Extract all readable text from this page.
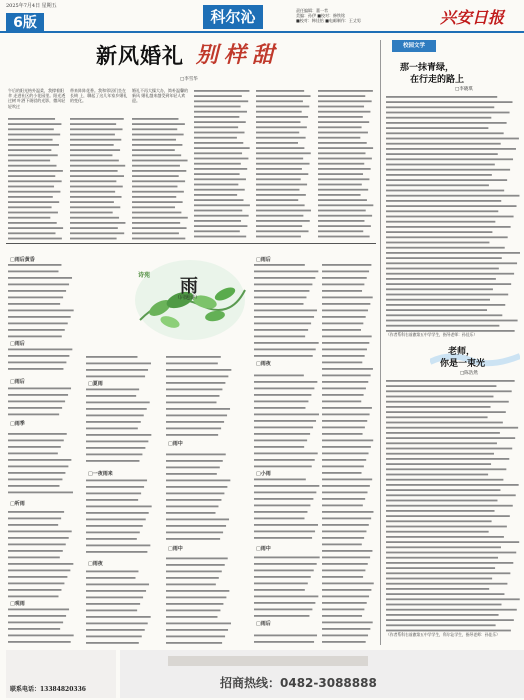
2025年7月4日 星期五
6版	科尔沁	责任编辑：董一苇
美编：孙伊 ■校对：修铁铭
■校对：韩佳怡 ■电邮制作：王丈男	兴安日报
新风婚礼 别样甜
□李雪华
午后的阳光格外温柔，我撑着阳伞 走进社区的小花园里。阳光透过树 叶洒下斑驳的光影，微风轻轻吹过
带来阵阵花香。我和邻居们坐在长椅 上，聊起了这几年家乡婚礼的变化。
婚礼不再大操大办，简朴温馨的新风 婚礼越来越受到年轻人欢迎。
诗苑
雨
（同题诗）
□雨后黄昏
□雨后
□雨后
□雨季
□听雨
□观雨
□夏雨
□一夜雨来
□雨夜
□雨中
□雨中
□雨后
□雨夜
□小雨
□雨中
□雨后
校园文学
那一抹青绿，
在行走的路上
□李晓琪
（作者系科右前旗第五中学学生，指导老师：孙佳乐）
老师，
你是一束光
□陈浩然
（作者系科右前旗第五中学学生，科尔沁学生，指导老师：孙佳乐）
招商热线：0482-3088888
联系电话：13384820336
